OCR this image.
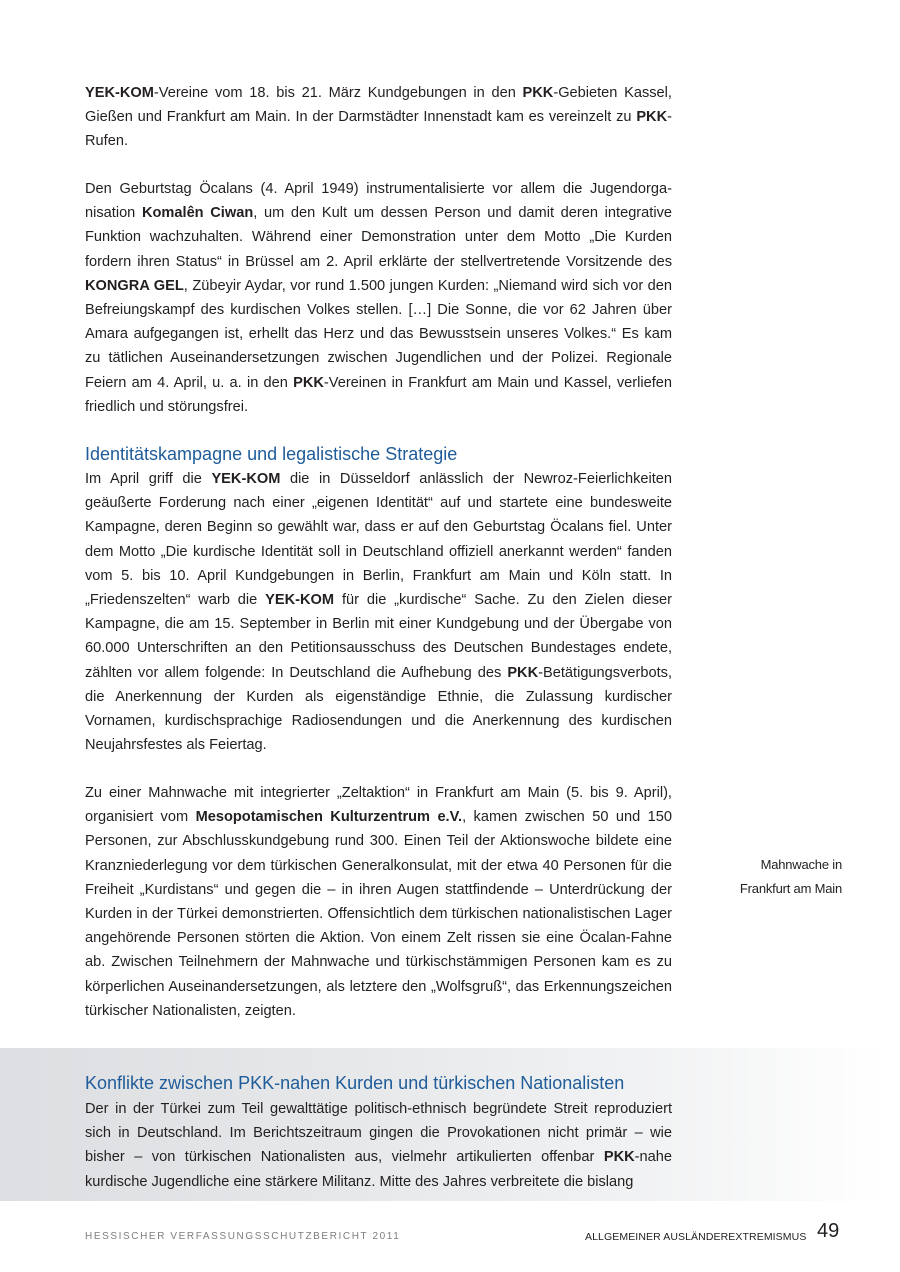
YEK-KOM-Vereine vom 18. bis 21. März Kundgebungen in den PKK-Gebieten Kassel, Gießen und Frankfurt am Main. In der Darmstädter Innenstadt kam es vereinzelt zu PKK-Rufen.
Den Geburtstag Öcalans (4. April 1949) instrumentalisierte vor allem die Jugendorganisation Komalên Ciwan, um den Kult um dessen Person und damit deren integrative Funktion wachzuhalten. Während einer Demonstration unter dem Motto „Die Kurden fordern ihren Status“ in Brüssel am 2. April erklärte der stellvertretende Vorsitzende des KONGRA GEL, Zübeyir Aydar, vor rund 1.500 jungen Kurden: „Niemand wird sich vor den Befreiungskampf des kurdischen Volkes stellen. […] Die Sonne, die vor 62 Jahren über Amara aufgegangen ist, erhellt das Herz und das Bewusstsein unseres Volkes.“ Es kam zu tätlichen Auseinandersetzungen zwischen Jugendlichen und der Polizei. Regionale Feiern am 4. April, u. a. in den PKK-Vereinen in Frankfurt am Main und Kassel, verliefen friedlich und störungsfrei.
Identitätskampagne und legalistische Strategie
Im April griff die YEK-KOM die in Düsseldorf anlässlich der Newroz-Feierlichkeiten geäußerte Forderung nach einer „eigenen Identität“ auf und startete eine bundesweite Kampagne, deren Beginn so gewählt war, dass er auf den Geburtstag Öcalans fiel. Unter dem Motto „Die kurdische Identität soll in Deutschland offiziell anerkannt werden“ fanden vom 5. bis 10. April Kundgebungen in Berlin, Frankfurt am Main und Köln statt. In „Friedenszelten“ warb die YEK-KOM für die „kurdische“ Sache. Zu den Zielen dieser Kampagne, die am 15. September in Berlin mit einer Kundgebung und der Übergabe von 60.000 Unterschriften an den Petitionsausschuss des Deutschen Bundestages endete, zählten vor allem folgende: In Deutschland die Aufhebung des PKK-Betätigungsverbots, die Anerkennung der Kurden als eigenständige Ethnie, die Zulassung kurdischer Vornamen, kurdischsprachige Radiosendungen und die Anerkennung des kurdischen Neujahrsfestes als Feiertag.
Zu einer Mahnwache mit integrierter „Zeltaktion“ in Frankfurt am Main (5. bis 9. April), organisiert vom Mesopotamischen Kulturzentrum e.V., kamen zwischen 50 und 150 Personen, zur Abschlusskundgebung rund 300. Einen Teil der Aktionswoche bildete eine Kranzniederlegung vor dem türkischen Generalkonsulat, mit der etwa 40 Personen für die Freiheit „Kurdistans“ und gegen die – in ihren Augen stattfindende – Unterdrückung der Kurden in der Türkei demonstrierten. Offensichtlich dem türkischen nationalistischen Lager angehörende Personen störten die Aktion. Von einem Zelt rissen sie eine Öcalan-Fahne ab. Zwischen Teilnehmern der Mahnwache und türkischstämmigen Personen kam es zu körperlichen Auseinandersetzungen, als letztere den „Wolfsgruß“, das Erkennungszeichen türkischer Nationalisten, zeigten.
Mahnwache in
Frankfurt am Main
Konflikte zwischen PKK-nahen Kurden und türkischen Nationalisten
Der in der Türkei zum Teil gewalttätige politisch-ethnisch begründete Streit reproduziert sich in Deutschland. Im Berichtszeitraum gingen die Provokationen nicht primär – wie bisher – von türkischen Nationalisten aus, vielmehr artikulierten offenbar PKK-nahe kurdische Jugendliche eine stärkere Militanz. Mitte des Jahres verbreitete die bislang
HESSISCHER VERFASSUNGSSCHUTZBERICHT 2011	ALLGEMEINER AUSLÄNDEREXTREMISMUS 49
